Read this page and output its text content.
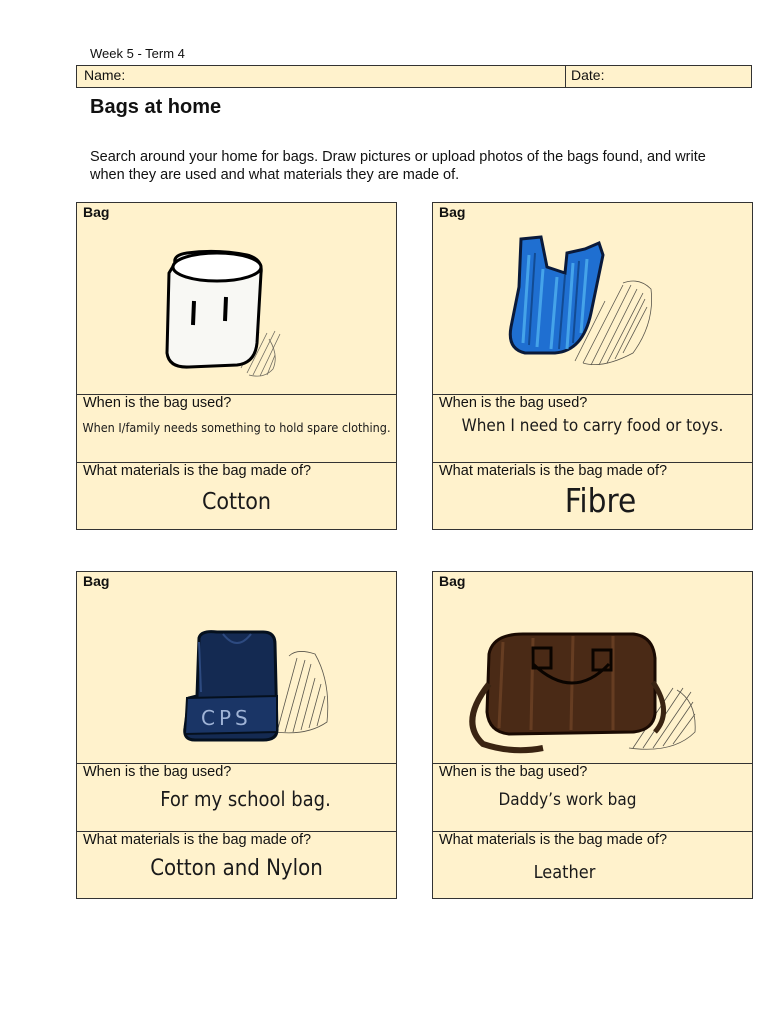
Week 5 - Term 4
Name:	Date:
Bags at home
Search around your home for bags. Draw pictures or upload photos of the bags found, and write when they are used and what materials they are made of.
Bag
When is the bag used?
When I/family needs something to hold spare clothing.
What materials is the bag made of?
Cotton
Bag
When is the bag used?
When I need to carry food or toys.
What materials is the bag made of?
Fibre
CPS
Bag
When is the bag used?
For my school bag.
What materials is the bag made of?
Cotton and Nylon
Bag
When is the bag used?
Daddy’s work bag
What materials is the bag made of?
Leather
